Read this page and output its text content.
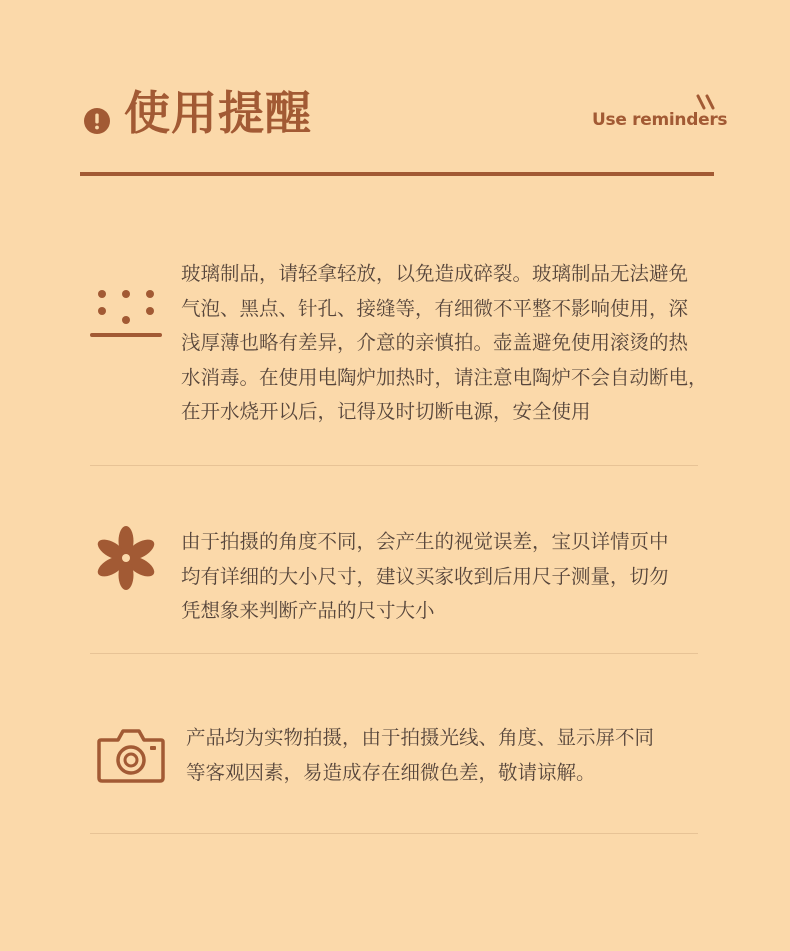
使用提醒	Use reminders
玻璃制品，请轻拿轻放，以免造成碎裂。玻璃制品无法避免
气泡、黑点、针孔、接缝等，有细微不平整不影响使用，深
浅厚薄也略有差异，介意的亲慎拍。壶盖避免使用滚烫的热
水消毒。在使用电陶炉加热时，请注意电陶炉不会自动断电，
在开水烧开以后，记得及时切断电源，安全使用
由于拍摄的角度不同，会产生的视觉误差，宝贝详情页中
均有详细的大小尺寸，建议买家收到后用尺子测量，切勿
凭想象来判断产品的尺寸大小
产品均为实物拍摄，由于拍摄光线、角度、显示屏不同
等客观因素，易造成存在细微色差，敬请谅解。
